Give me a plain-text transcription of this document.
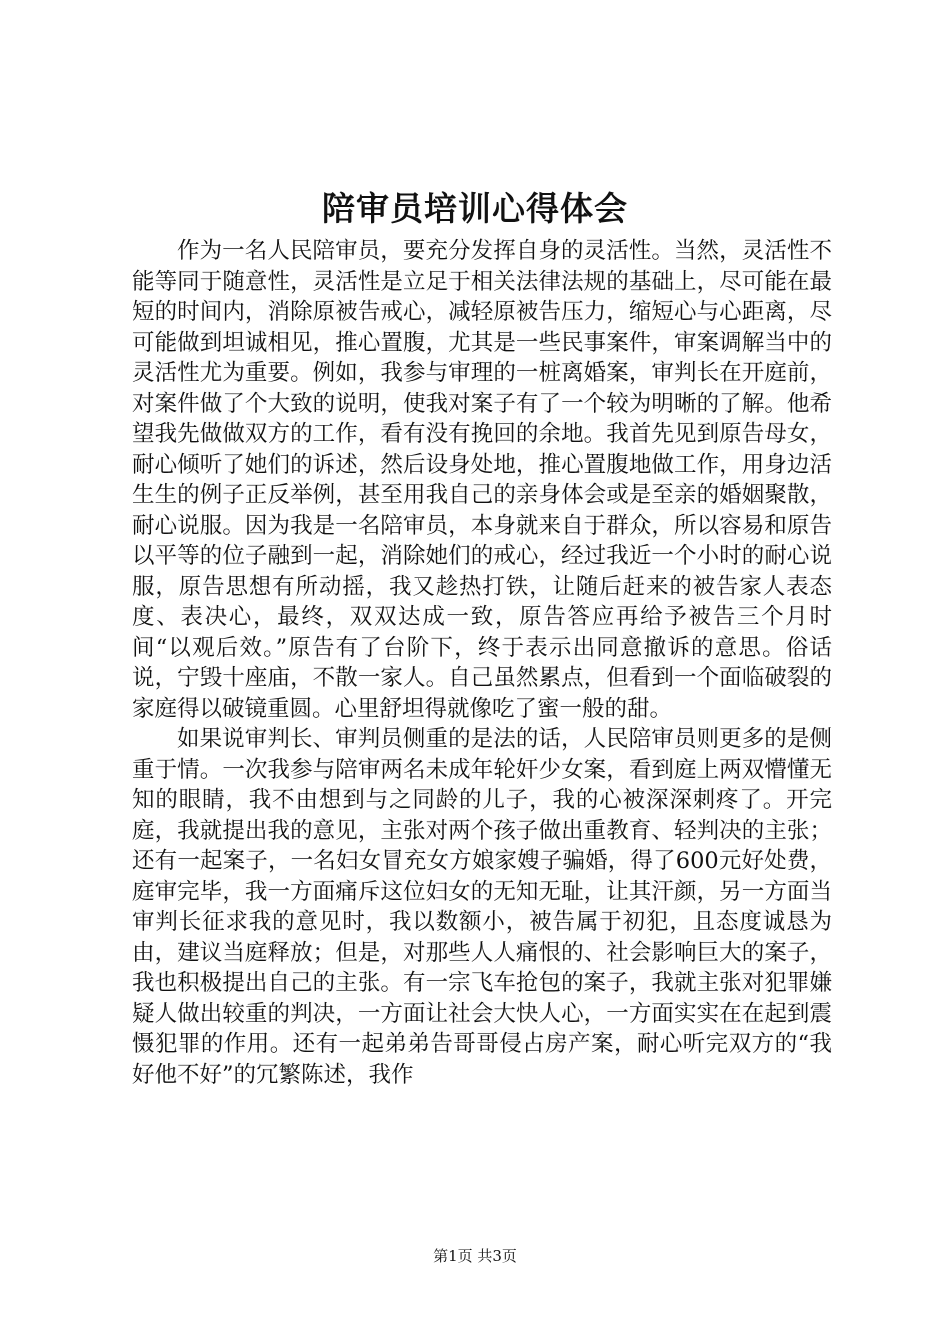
陪审员培训心得体会

作为一名人民陪审员，要充分发挥自身的灵活性。当然，灵活性不能等同于随意性，灵活性是立足于相关法律法规的基础上，尽可能在最短的时间内，消除原被告戒心，减轻原被告压力，缩短心与心距离，尽可能做到坦诚相见，推心置腹，尤其是一些民事案件，审案调解当中的灵活性尤为重要。例如，我参与审理的一桩离婚案，审判长在开庭前，对案件做了个大致的说明，使我对案子有了一个较为明晰的了解。他希望我先做做双方的工作，看有没有挽回的余地。我首先见到原告母女，耐心倾听了她们的诉述，然后设身处地，推心置腹地做工作，用身边活生生的例子正反举例，甚至用我自己的亲身体会或是至亲的婚姻聚散，耐心说服。因为我是一名陪审员，本身就来自于群众，所以容易和原告以平等的位子融到一起，消除她们的戒心，经过我近一个小时的耐心说服，原告思想有所动摇，我又趁热打铁，让随后赶来的被告家人表态度、表决心，最终，双双达成一致，原告答应再给予被告三个月时间“以观后效。”原告有了台阶下，终于表示出同意撤诉的意思。俗话说，宁毁十座庙，不散一家人。自己虽然累点，但看到一个面临破裂的家庭得以破镜重圆。心里舒坦得就像吃了蜜一般的甜。

如果说审判长、审判员侧重的是法的话，人民陪审员则更多的是侧重于情。一次我参与陪审两名未成年轮奸少女案，看到庭上两双懵懂无知的眼睛，我不由想到与之同龄的儿子，我的心被深深刺疼了。开完庭，我就提出我的意见，主张对两个孩子做出重教育、轻判决的主张；还有一起案子，一名妇女冒充女方娘家嫂子骗婚，得了600元好处费，庭审完毕，我一方面痛斥这位妇女的无知无耻，让其汗颜，另一方面当审判长征求我的意见时，我以数额小，被告属于初犯，且态度诚恳为由，建议当庭释放；但是，对那些人人痛恨的、社会影响巨大的案子，我也积极提出自己的主张。有一宗飞车抢包的案子，我就主张对犯罪嫌疑人做出较重的判决，一方面让社会大快人心，一方面实实在在起到震慑犯罪的作用。还有一起弟弟告哥哥侵占房产案，耐心听完双方的“我好他不好”的冗繁陈述，我作

第1页 共3页
